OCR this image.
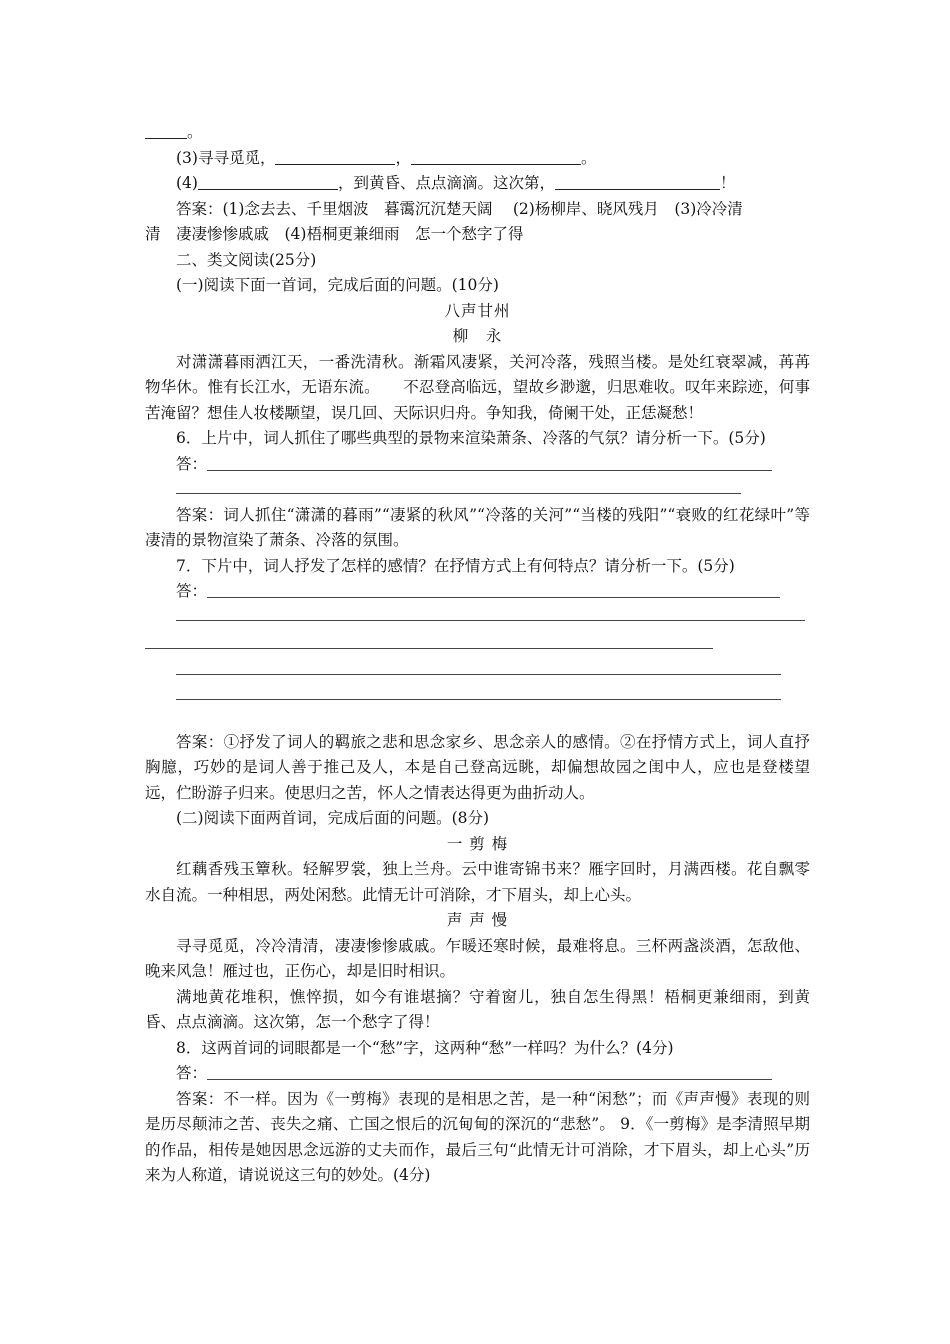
。
(3)寻寻觅觅，	，	。
(4)	，到黄昏、点点滴滴。这次第，	！
答案：(1)念去去、千里烟波　暮霭沉沉楚天阔　 (2)杨柳岸、晓风残月　(3)冷冷清
清　凄凄惨惨戚戚　(4)梧桐更兼细雨　怎一个愁字了得
二、类文阅读(25分)
(一)阅读下面一首词，完成后面的问题。(10分)
八声甘州
柳　永
对潇潇暮雨洒江天，一番洗清秋。渐霜风凄紧，关河冷落，残照当楼。是处红衰翠减，苒苒物华休。惟有长江水，无语东流。　　不忍登高临远，望故乡渺邈，归思难收。叹年来踪迹，何事苦淹留？想佳人妆楼颙望，误几回、天际识归舟。争知我，倚阑干处，正恁凝愁！
6．上片中，词人抓住了哪些典型的景物来渲染萧条、冷落的气氛？请分析一下。(5分)
答：
答案：词人抓住“潇潇的暮雨”“凄紧的秋风”“冷落的关河”“当楼的残阳”“衰败的红花绿叶”等凄清的景物渲染了萧条、冷落的氛围。
7．下片中，词人抒发了怎样的感情？在抒情方式上有何特点？请分析一下。(5分)
答：
答案：①抒发了词人的羁旅之悲和思念家乡、思念亲人的感情。②在抒情方式上，词人直抒胸臆，巧妙的是词人善于推己及人，本是自己登高远眺，却偏想故园之闺中人，应也是登楼望远，伫盼游子归来。使思归之苦，怀人之情表达得更为曲折动人。
(二)阅读下面两首词，完成后面的问题。(8分)
一 剪 梅
红藕香残玉簟秋。轻解罗裳，独上兰舟。云中谁寄锦书来？雁字回时，月满西楼。花自飘零水自流。一种相思，两处闲愁。此情无计可消除，才下眉头，却上心头。
声 声 慢
寻寻觅觅，冷冷清清，凄凄惨惨戚戚。乍暖还寒时候，最难将息。三杯两盏淡酒，怎敌他、晚来风急！雁过也，正伤心，却是旧时相识。
满地黄花堆积，憔悴损，如今有谁堪摘？守着窗儿，独自怎生得黑！梧桐更兼细雨，到黄昏、点点滴滴。这次第，怎一个愁字了得！
8．这两首词的词眼都是一个“愁”字，这两种“愁”一样吗？为什么？(4分)
答：
答案：不一样。因为《一剪梅》表现的是相思之苦，是一种“闲愁”；而《声声慢》表现的则是历尽颠沛之苦、丧失之痛、亡国之恨后的沉甸甸的深沉的“悲愁”。 9．《一剪梅》是李清照早期的作品，相传是她因思念远游的丈夫而作，最后三句“此情无计可消除，才下眉头，却上心头”历来为人称道，请说说这三句的妙处。(4分)
